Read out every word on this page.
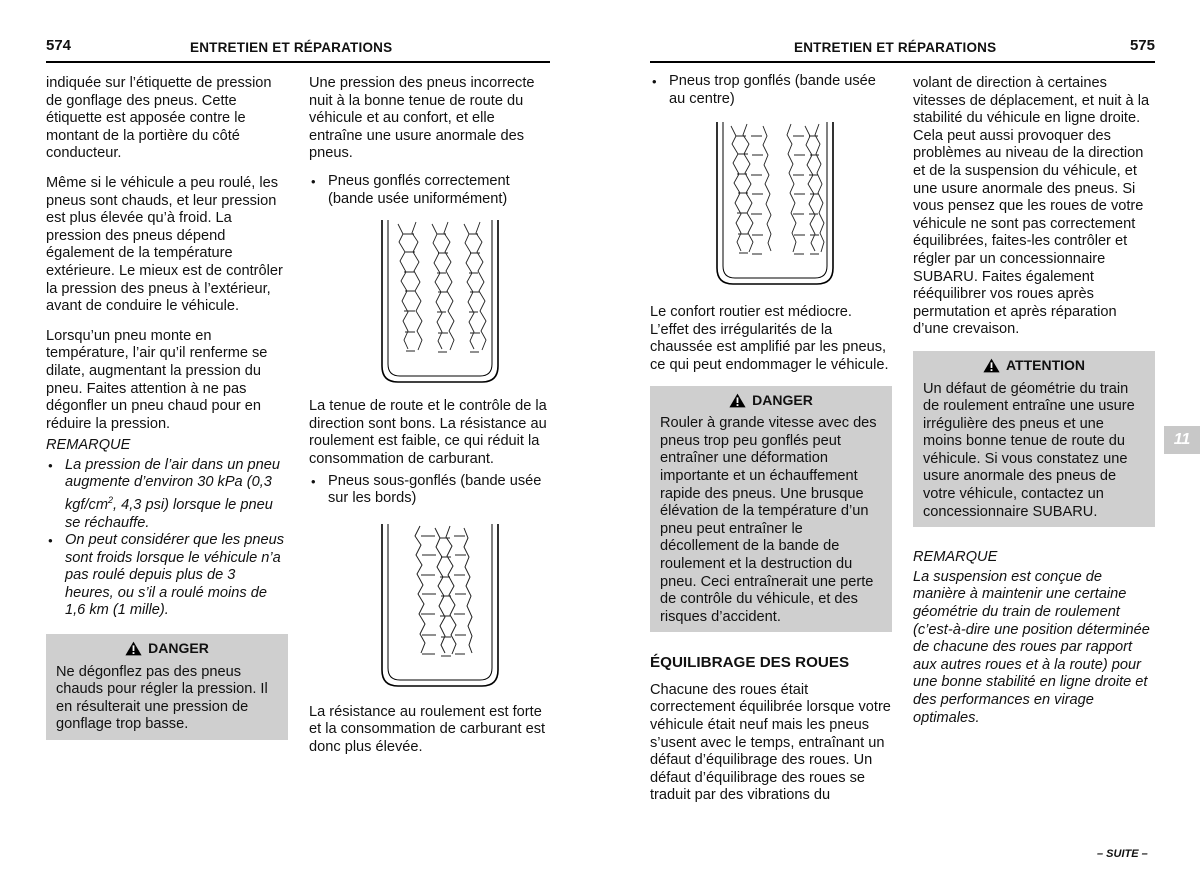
574	ENTRETIEN ET RÉPARATIONS	ENTRETIEN ET RÉPARATIONS	575

indiquée sur l’étiquette de pression de gonflage des pneus. Cette étiquette est apposée contre le montant de la portière du côté conducteur.

Même si le véhicule a peu roulé, les pneus sont chauds, et leur pression est plus élevée qu’à froid. La pression des pneus dépend également de la température extérieure. Le mieux est de contrôler la pression des pneus à l’extérieur, avant de conduire le véhicule.

Lorsqu’un pneu monte en température, l’air qu’il renferme se dilate, augmentant la pression du pneu. Faites attention à ne pas dégonfler un pneu chaud pour en réduire la pression.

REMARQUE
• La pression de l’air dans un pneu augmente d’environ 30 kPa (0,3 kgf/$cm^2$, 4,3 psi) lorsque le pneu se réchauffe.
• On peut considérer que les pneus sont froids lorsque le véhicule n’a pas roulé depuis plus de 3 heures, ou s’il a roulé moins de 1,6 km (1 mille).
DANGER
Ne dégonflez pas des pneus chauds pour régler la pression. Il en résulterait une pression de gonflage trop basse.

Une pression des pneus incorrecte nuit à la bonne tenue de route du véhicule et au confort, et elle entraîne une usure anormale des pneus.

• Pneus gonflés correctement (bande usée uniformément)

La tenue de route et le contrôle de la direction sont bons. La résistance au roulement est faible, ce qui réduit la consommation de carburant.

• Pneus sous-gonflés (bande usée sur les bords)

La résistance au roulement est forte et la consommation de carburant est donc plus élevée.

• Pneus trop gonflés (bande usée au centre)

Le confort routier est médiocre. L’effet des irrégularités de la chaussée est amplifié par les pneus, ce qui peut endommager le véhicule.

DANGER
Rouler à grande vitesse avec des pneus trop peu gonflés peut entraîner une déformation importante et un échauffement rapide des pneus. Une brusque élévation de la température d’un pneu peut entraîner le décollement de la bande de roulement et la destruction du pneu. Ceci entraînerait une perte de contrôle du véhicule, et des risques d’accident.
ÉQUILIBRAGE DES ROUES

Chacune des roues était correctement équilibrée lorsque votre véhicule était neuf mais les pneus s’usent avec le temps, entraînant un défaut d’équilibrage des roues. Un défaut d’équilibrage des roues se traduit par des vibrations du

volant de direction à certaines vitesses de déplacement, et nuit à la stabilité du véhicule en ligne droite. Cela peut aussi provoquer des problèmes au niveau de la direction et de la suspension du véhicule, et une usure anormale des pneus. Si vous pensez que les roues de votre véhicule ne sont pas correctement équilibrées, faites-les contrôler et régler par un concessionnaire SUBARU. Faites également rééquilibrer vos roues après permutation et après réparation d’une crevaison.

ATTENTION
Un défaut de géométrie du train de roulement entraîne une usure irrégulière des pneus et une moins bonne tenue de route du véhicule. Si vous constatez une usure anormale des pneus de votre véhicule, contactez un concessionnaire SUBARU.
REMARQUE

La suspension est conçue de manière à maintenir une certaine géométrie du train de roulement (c’est-à-dire une position déterminée de chacune des roues par rapport aux autres roues et à la route) pour une bonne stabilité en ligne droite et des performances en virage optimales.

11
– SUITE –
